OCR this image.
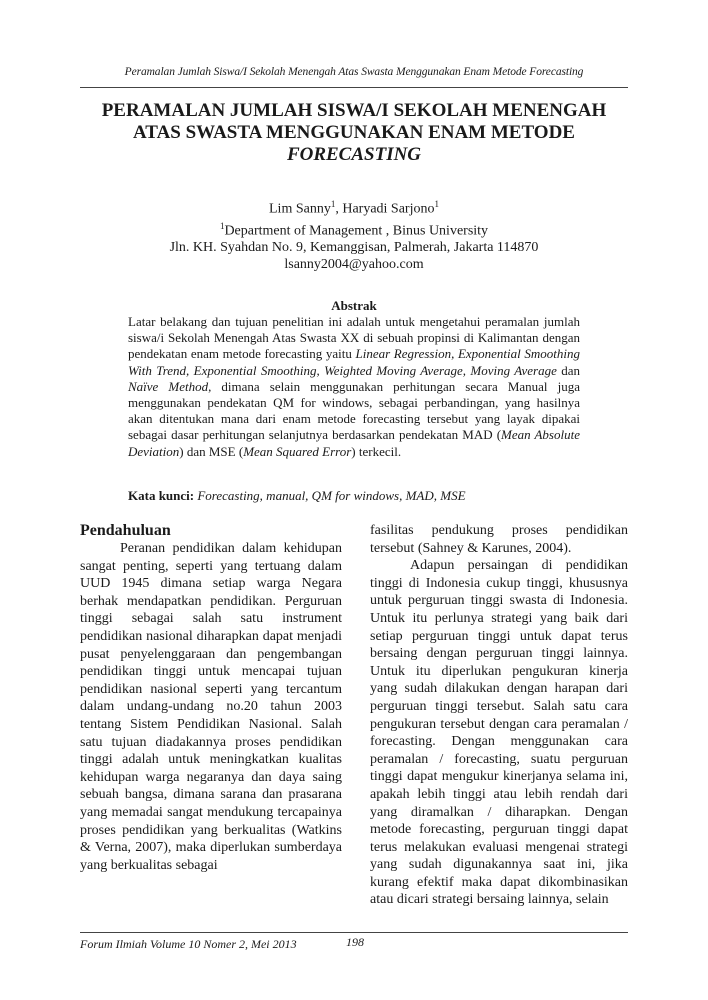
Peramalan Jumlah Siswa/I Sekolah Menengah Atas Swasta Menggunakan Enam Metode Forecasting
PERAMALAN JUMLAH SISWA/I SEKOLAH MENENGAH
ATAS SWASTA MENGGUNAKAN ENAM METODE
FORECASTING
Lim Sanny$^1$, Haryadi Sarjono$^1$
$^1$Department of Management , Binus University
Jln. KH. Syahdan No. 9, Kemanggisan, Palmerah, Jakarta 114870
lsanny2004@yahoo.com
Abstrak
Latar belakang dan tujuan penelitian ini adalah untuk mengetahui peramalan jumlah siswa/i Sekolah Menengah Atas Swasta XX di sebuah propinsi di Kalimantan dengan pendekatan enam metode forecasting yaitu Linear Regression, Exponential Smoothing With Trend, Exponential Smoothing, Weighted Moving Average, Moving Average dan Naïve Method, dimana selain menggunakan perhitungan secara Manual juga menggunakan pendekatan QM for windows, sebagai perbandingan, yang hasilnya akan ditentukan mana dari enam metode forecasting tersebut yang layak dipakai sebagai dasar perhitungan selanjutnya berdasarkan pendekatan MAD (Mean Absolute Deviation) dan MSE (Mean Squared Error) terkecil.
Kata kunci: Forecasting, manual, QM for windows, MAD, MSE
Pendahuluan

Peranan pendidikan dalam kehidupan sangat penting, seperti yang tertuang dalam UUD 1945 dimana setiap warga Negara berhak mendapatkan pendidikan. Perguruan tinggi sebagai salah satu instrument pendidikan nasional diharapkan dapat menjadi pusat penyelenggaraan dan pengembangan pendidikan tinggi untuk mencapai tujuan pendidikan nasional seperti yang tercantum dalam undang-undang no.20 tahun 2003 tentang Sistem Pendidikan Nasional. Salah satu tujuan diadakannya proses pendidikan tinggi adalah untuk meningkatkan kualitas kehidupan warga negaranya dan daya saing sebuah bangsa, dimana sarana dan prasarana yang memadai sangat mendukung tercapainya proses pendidikan yang berkualitas (Watkins & Verna, 2007), maka diperlukan sumberdaya yang berkualitas sebagai

fasilitas pendukung proses pendidikan tersebut (Sahney & Karunes, 2004).

Adapun persaingan di pendidikan tinggi di Indonesia cukup tinggi, khususnya untuk perguruan tinggi swasta di Indonesia. Untuk itu perlunya strategi yang baik dari setiap perguruan tinggi untuk dapat terus bersaing dengan perguruan tinggi lainnya. Untuk itu diperlukan pengukuran kinerja yang sudah dilakukan dengan harapan dari perguruan tinggi tersebut. Salah satu cara pengukuran tersebut dengan cara peramalan / forecasting. Dengan menggunakan cara peramalan / forecasting, suatu perguruan tinggi dapat mengukur kinerjanya selama ini, apakah lebih tinggi atau lebih rendah dari yang diramalkan / diharapkan. Dengan metode forecasting, perguruan tinggi dapat terus melakukan evaluasi mengenai strategi yang sudah digunakannya saat ini, jika kurang efektif maka dapat dikombinasikan atau dicari strategi bersaing lainnya, selain

Forum Ilmiah Volume 10 Nomer 2, Mei 2013	198
